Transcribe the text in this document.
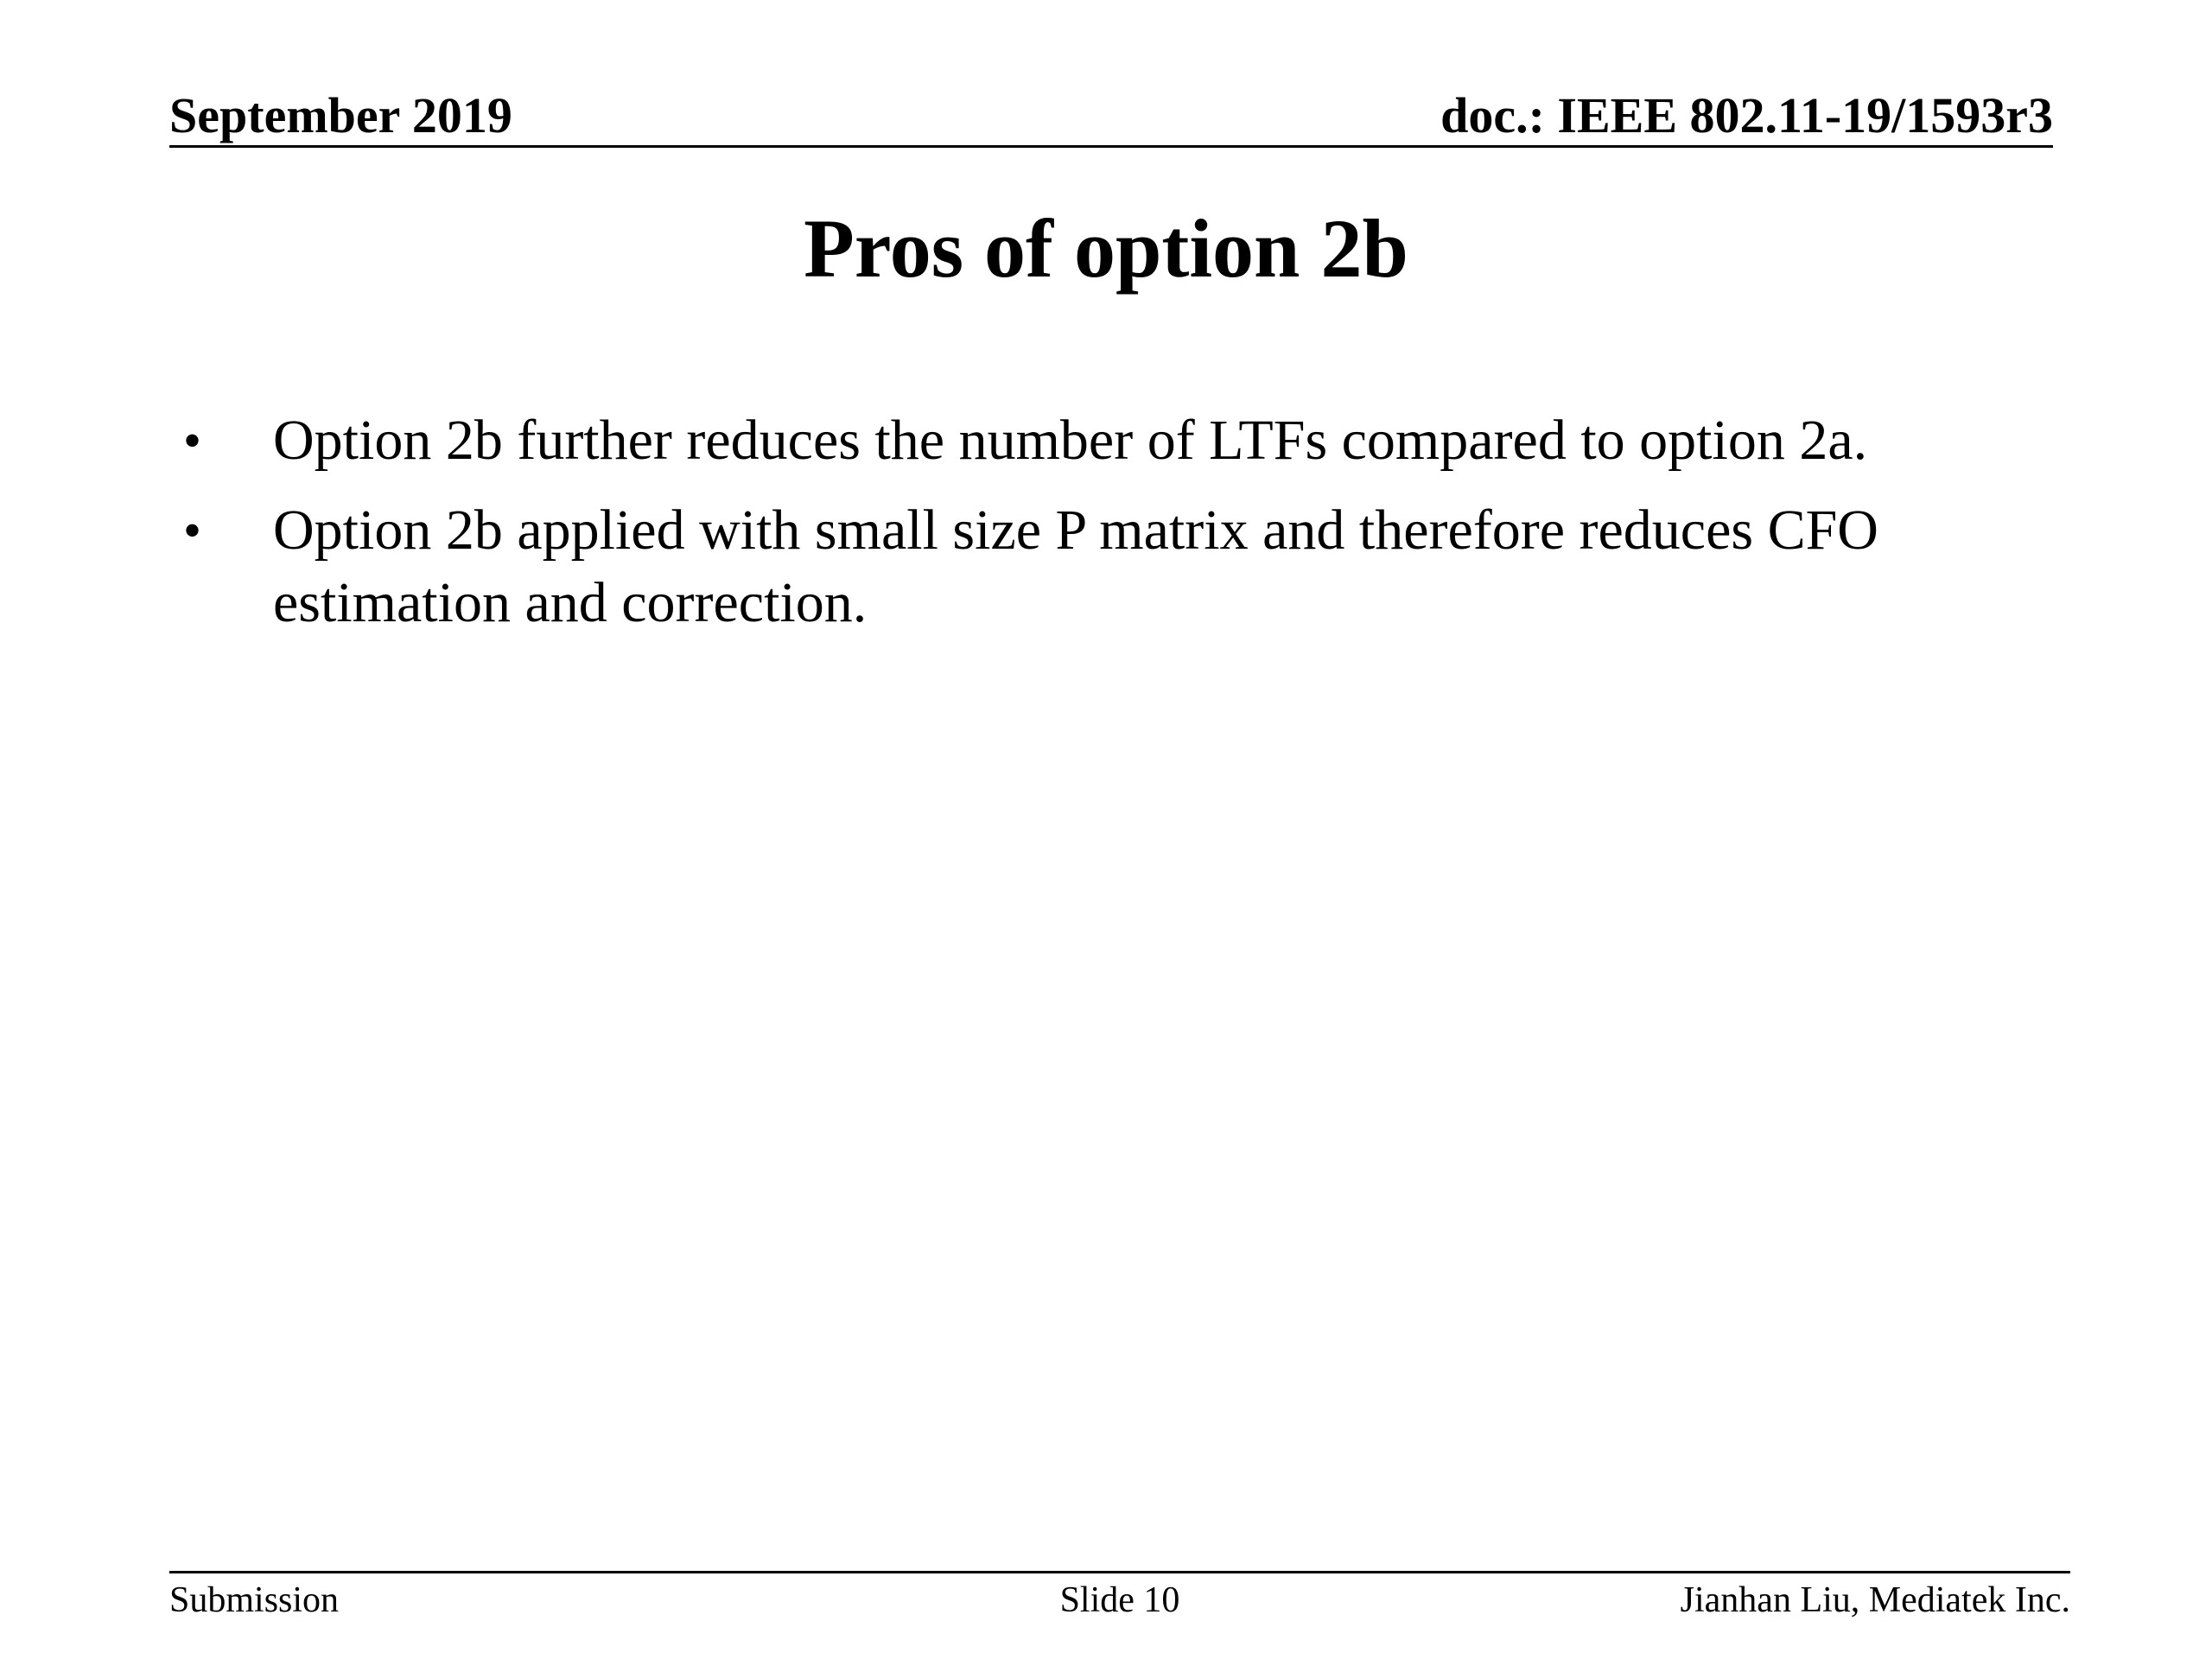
September 2019	doc.: IEEE 802.11-19/1593r3
Pros of option 2b
• Option 2b further reduces the number of LTFs compared to option 2a.
• Option 2b applied with small size P matrix and therefore reduces CFO estimation and correction.
Submission	Slide 10	Jianhan Liu, Mediatek Inc.
